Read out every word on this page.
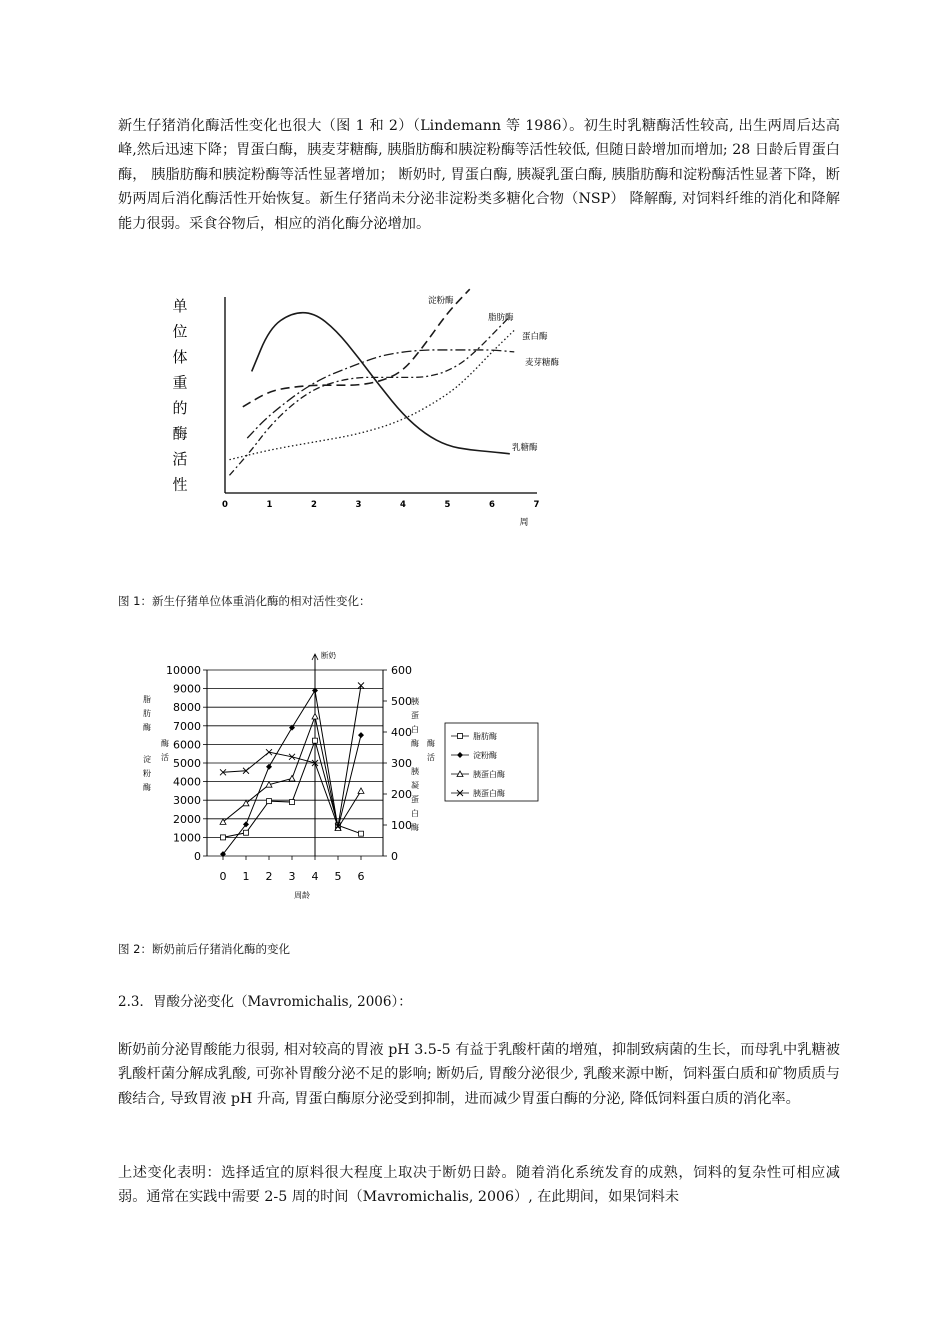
新生仔猪消化酶活性变化也很大（图 1 和 2）（Lindemann 等 1986）。初生时乳糖酶活性较高, 出生两周后达高峰,然后迅速下降；胃蛋白酶，胰麦芽糖酶, 胰脂肪酶和胰淀粉酶等活性较低, 但随日龄增加而增加; 28 日龄后胃蛋白酶， 胰脂肪酶和胰淀粉酶等活性显著增加； 断奶时, 胃蛋白酶, 胰凝乳蛋白酶, 胰脂肪酶和淀粉酶活性显著下降，断奶两周后消化酶活性开始恢复。新生仔猪尚未分泌非淀粉类多糖化合物（NSP） 降解酶, 对饲料纤维的消化和降解能力很弱。采食谷物后，相应的消化酶分泌增加。

单
位
体
重
的
酶
活
性
0	1	2	3	4	5	6	7
乳糖酶
淀粉酶
脂肪酶
蛋白酶
麦芽糖酶
周

图 1：新生仔猪单位体重消化酶的相对活性变化：

断奶
0
1000
2000
3000
4000
5000
6000
7000
8000
9000
10000
0
100
200
300
400
500
600
0 1 2 3 4 5 6
脂肪酶
淀粉酶
胰蛋白酶
胰蛋白酶
脂
肪
酶
淀
粉
酶
酶
活
胰
蛋
白
酶 酶
活
胰
凝
蛋
白
酶
周龄

图 2：断奶前后仔猪消化酶的变化

2.3．胃酸分泌变化（Mavromichalis, 2006）：

断奶前分泌胃酸能力很弱, 相对较高的胃液 pH 3.5-5 有益于乳酸杆菌的增殖，抑制致病菌的生长，而母乳中乳糖被乳酸杆菌分解成乳酸, 可弥补胃酸分泌不足的影响; 断奶后, 胃酸分泌很少, 乳酸来源中断，饲料蛋白质和矿物质质与酸结合, 导致胃液 pH 升高, 胃蛋白酶原分泌受到抑制，进而减少胃蛋白酶的分泌, 降低饲料蛋白质的消化率。

上述变化表明：选择适宜的原料很大程度上取决于断奶日龄。随着消化系统发育的成熟，饲料的复杂性可相应减弱。通常在实践中需要 2-5 周的时间（Mavromichalis, 2006）, 在此期间，如果饲料未
